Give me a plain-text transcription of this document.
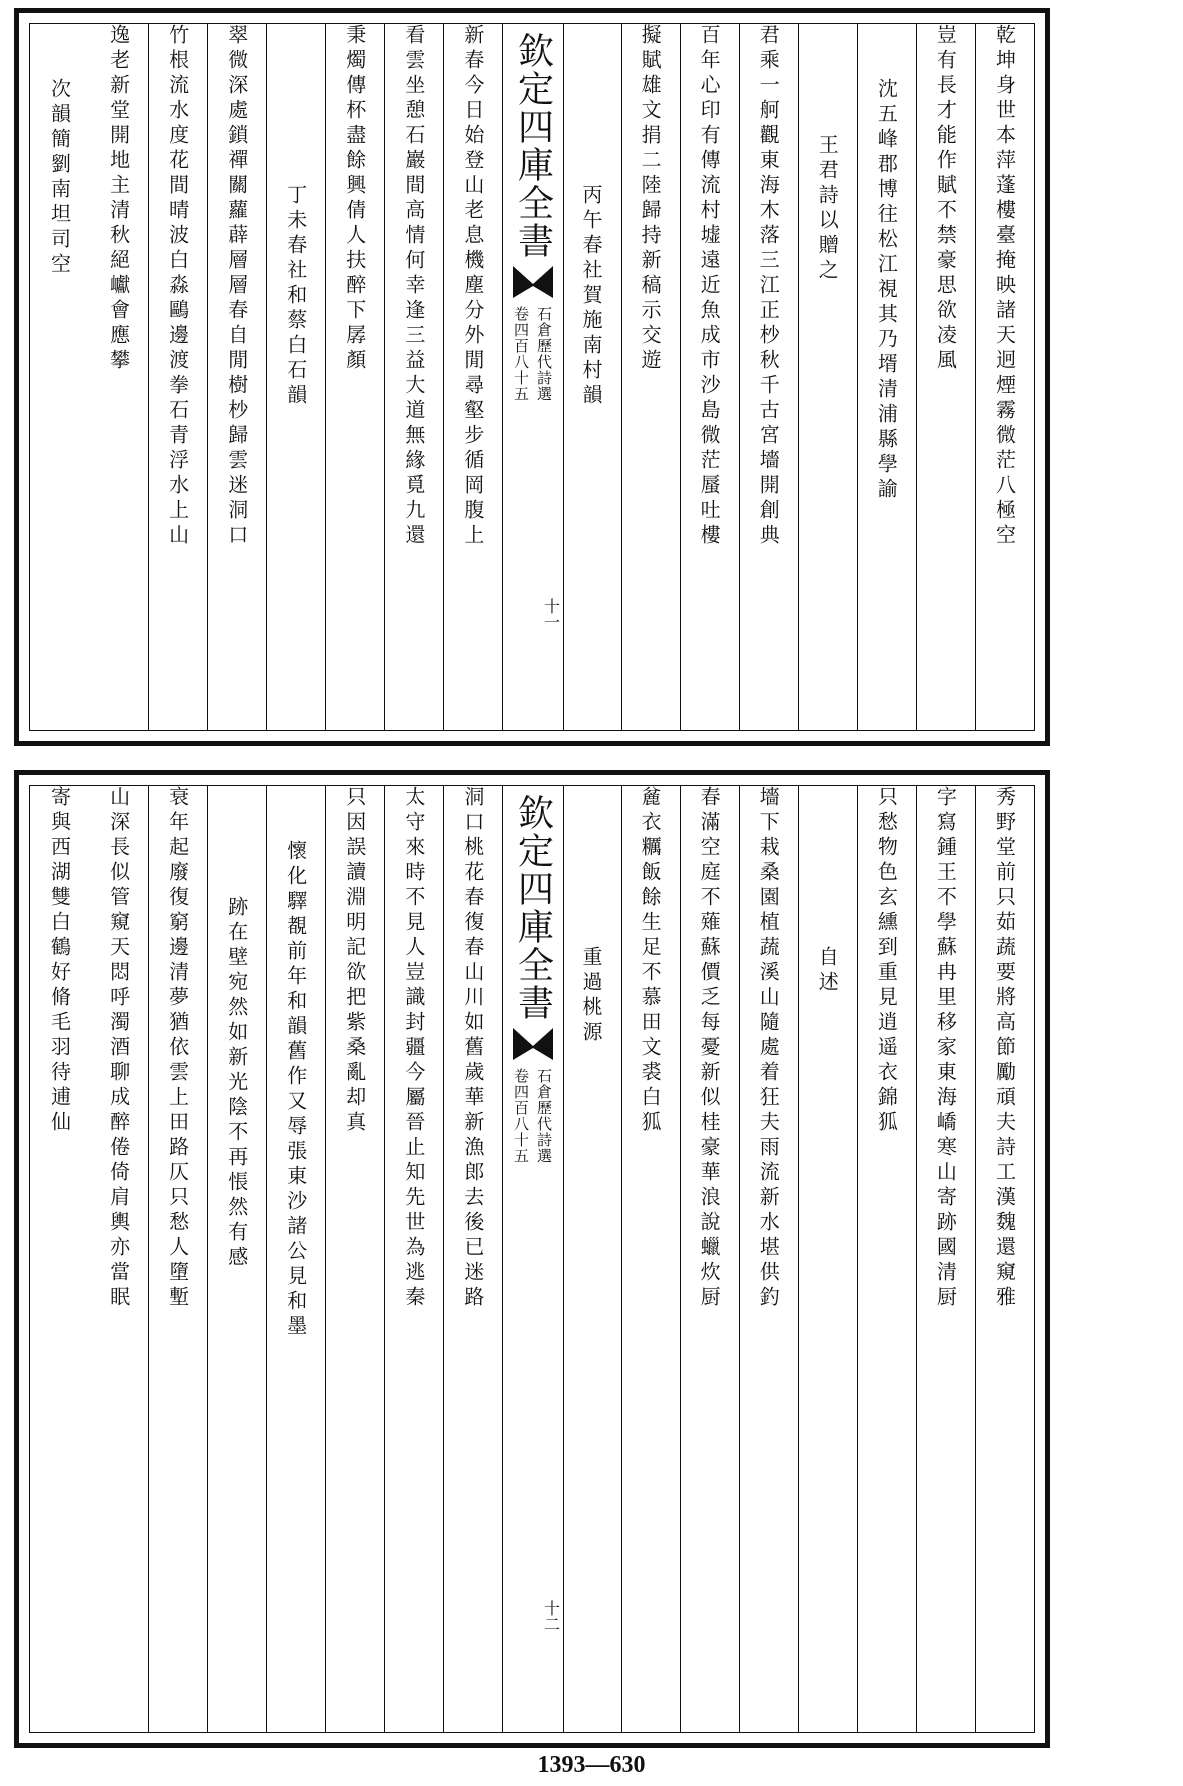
乾坤身世本萍蓬樓臺掩映諸天迥煙霧微茫八極空
豈有長才能作賦不禁豪思欲凌風
沈五峰郡博往松江視其乃壻清浦縣學諭
王君詩以贈之
君乘一舸觀東海木落三江正杪秋千古宮墻開創典
百年心印有傳流村墟遠近魚成市沙島微茫蜃吐樓
擬賦雄文捐二陸歸持新稿示交遊
丙午春社賀施南村韻
欽定四庫全書
石倉歷代詩選
卷四百八十五
十一
新春今日始登山老息機塵分外閒尋壑步循岡腹上
看雲坐憩石巖間高情何幸逢三益大道無緣覓九還
秉燭傳杯盡餘興倩人扶醉下孱顏
丁未春社和蔡白石韻
翠微深處鎖禪關蘿薜層層春自閒樹杪歸雲迷洞口
竹根流水度花間晴波白淼鷗邊渡拳石青浮水上山
逸老新堂開地主清秋絕巘會應攀
次韻簡劉南坦司空
秀野堂前只茹蔬要將高節勵頑夫詩工漢魏還窺雅
字寫鍾王不學蘇冉里移家東海嶠寒山寄跡國清厨
只愁物色玄纁到重見逍遥衣錦狐
自述
墻下栽桑園植蔬溪山隨處着狂夫雨流新水堪供釣
春滿空庭不薙蘇價乏每憂新似桂豪華浪說蠟炊厨
麄衣糲飯餘生足不慕田文裘白狐
重過桃源
欽定四庫全書
石倉歷代詩選
卷四百八十五
十二
洞口桃花春復春山川如舊歲華新漁郎去後已迷路
太守來時不見人豈識封疆今屬晉止知先世為逃秦
只因誤讀淵明記欲把紫桑亂却真
懷化驛覩前年和韻舊作又辱張東沙諸公見和墨
跡在壁宛然如新光陰不再悵然有感
衰年起廢復窮邊清夢猶依雲上田路仄只愁人墮塹
山深長似管窺天悶呼濁酒聊成醉倦倚肩輿亦當眠
寄與西湖雙白鶴好脩毛羽待逋仙
1393—630
